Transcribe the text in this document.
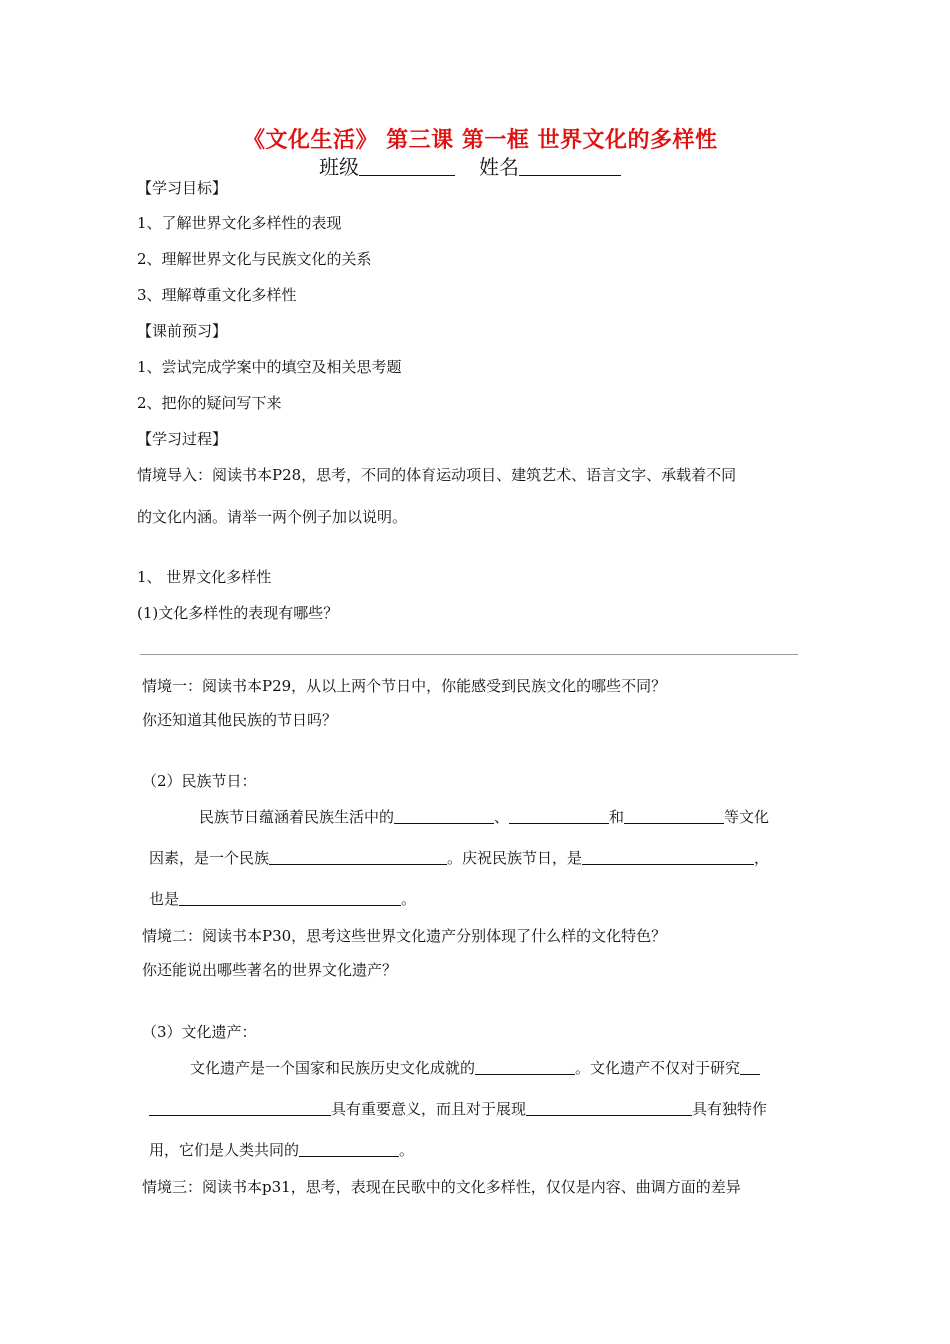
《文化生活》 第三课 第一框 世界文化的多样性
班级	姓名
【学习目标】
1、了解世界文化多样性的表现
2、理解世界文化与民族文化的关系
3、理解尊重文化多样性
【课前预习】
1、尝试完成学案中的填空及相关思考题
2、把你的疑问写下来
【学习过程】
情境导入：阅读书本P28，思考，不同的体育运动项目、建筑艺术、语言文字、承载着不同
的文化内涵。请举一两个例子加以说明。
1、 世界文化多样性
(1)文化多样性的表现有哪些？
情境一：阅读书本P29，从以上两个节日中，你能感受到民族文化的哪些不同？
你还知道其他民族的节日吗？
（2）民族节日：
民族节日蕴涵着民族生活中的	、	和	等文化
因素，是一个民族	。庆祝民族节日，是	，
也是	。
情境二：阅读书本P30，思考这些世界文化遗产分别体现了什么样的文化特色？
你还能说出哪些著名的世界文化遗产？
（3）文化遗产：
文化遗产是一个国家和民族历史文化成就的	。文化遗产不仅对于研究
具有重要意义，而且对于展现	具有独特作
用，它们是人类共同的	。
情境三：阅读书本p31，思考，表现在民歌中的文化多样性，仅仅是内容、曲调方面的差异
